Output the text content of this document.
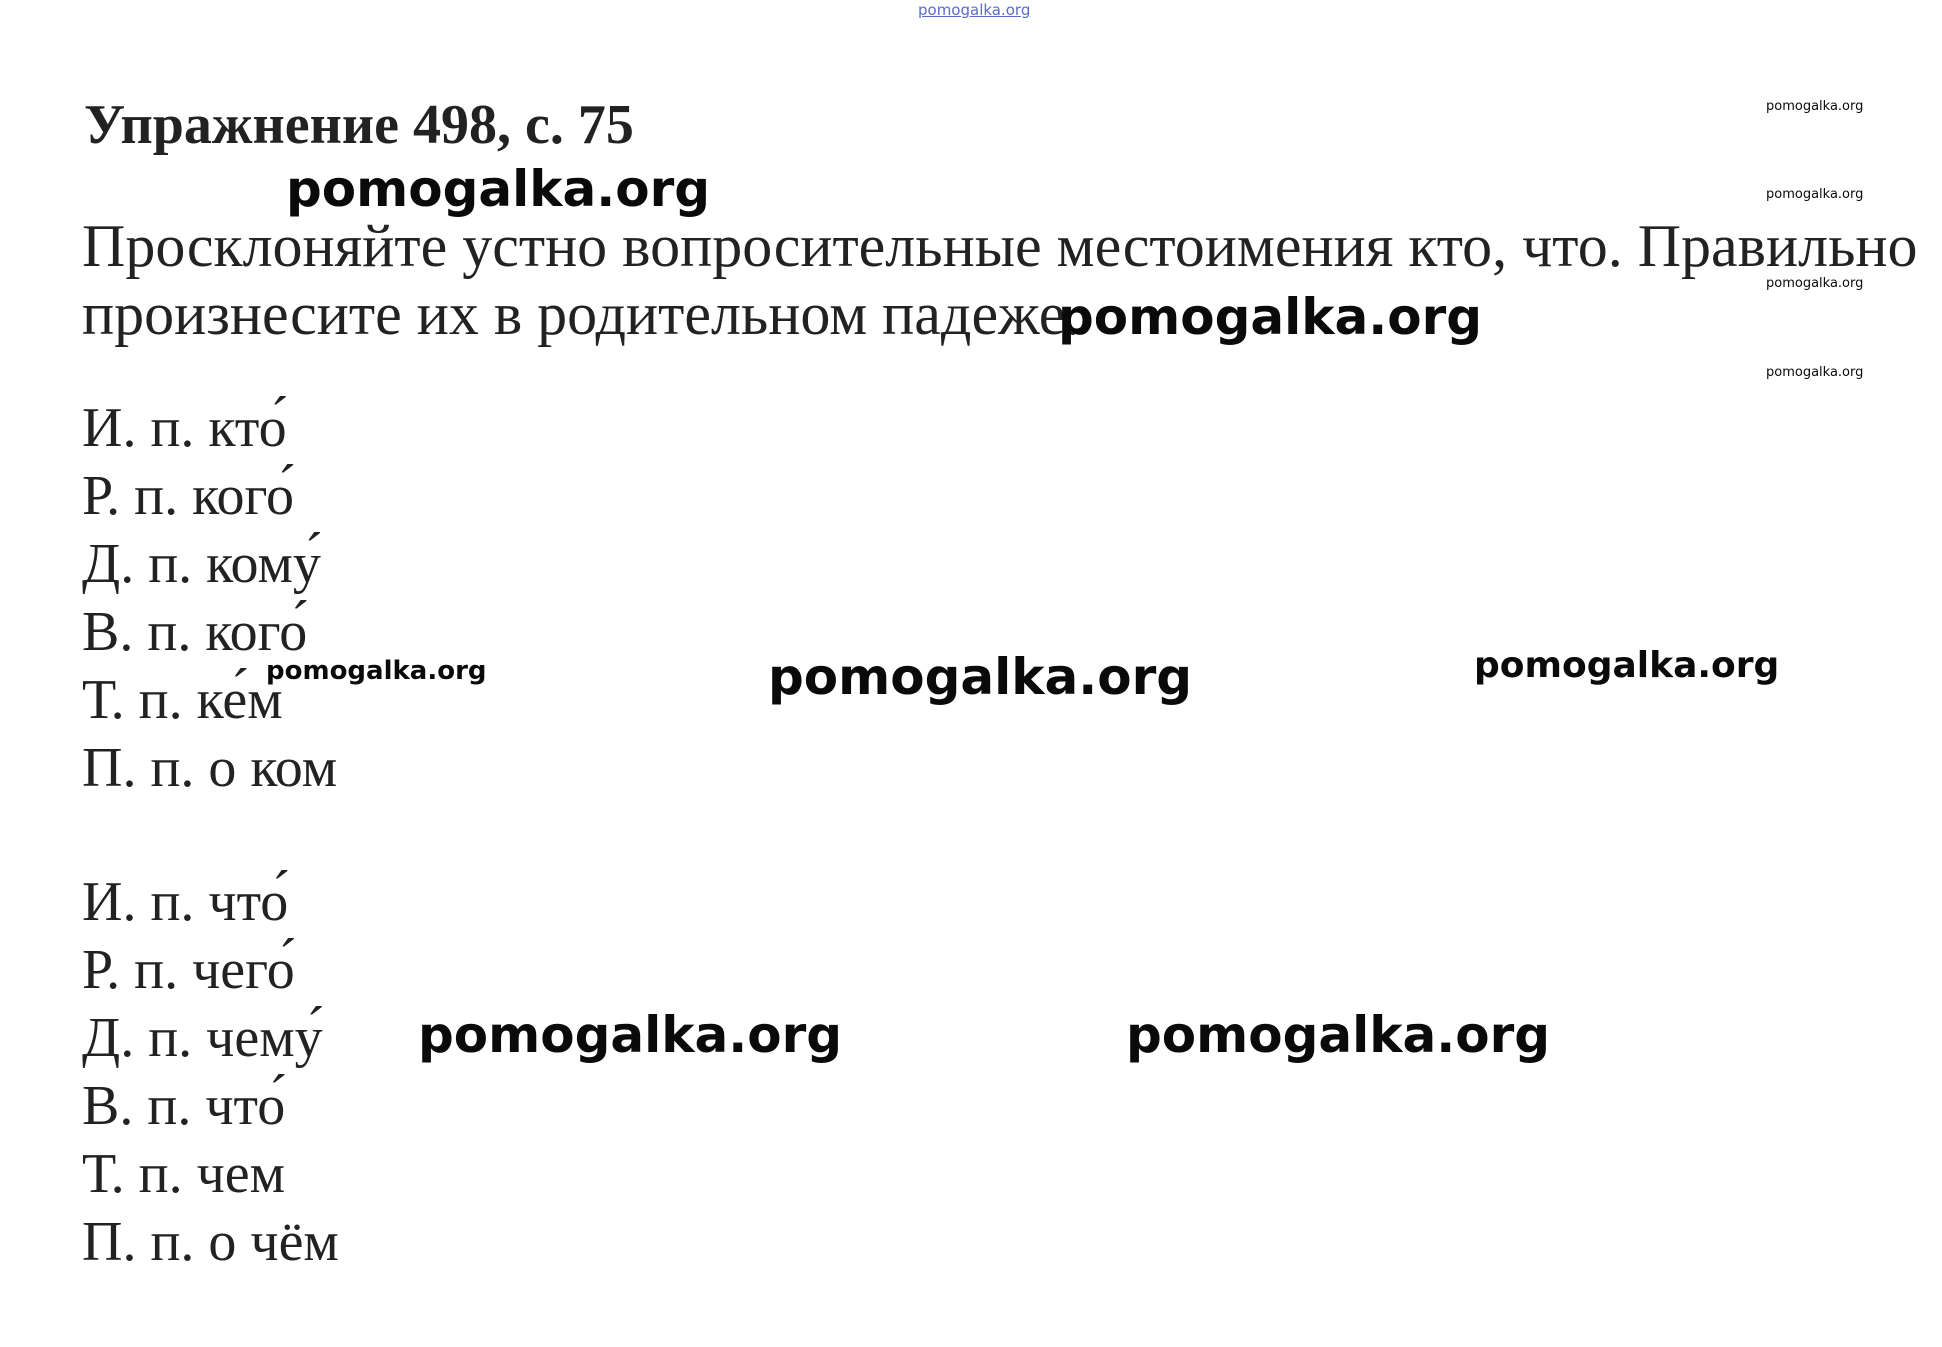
Упражнение 498, с. 75

Просклоняйте устно вопросительные местоимения кто, что. Правильно
произнесите их в родительном падеже.

И. п. кто́
Р. п. кого́
Д. п. кому́
В. п. кого́
Т. п. ке́м
П. п. о ком
И. п. что́
Р. п. чего́
Д. п. чему́
В. п. что́
Т. п. чем
П. п. о чём
pomogalka.org
pomogalka.org
pomogalka.org
pomogalka.org	pomogalka.org
pomogalka.org
pomogalka.org	pomogalka.org
pomogalka.org
pomogalka.org
pomogalka.org
pomogalka.org
